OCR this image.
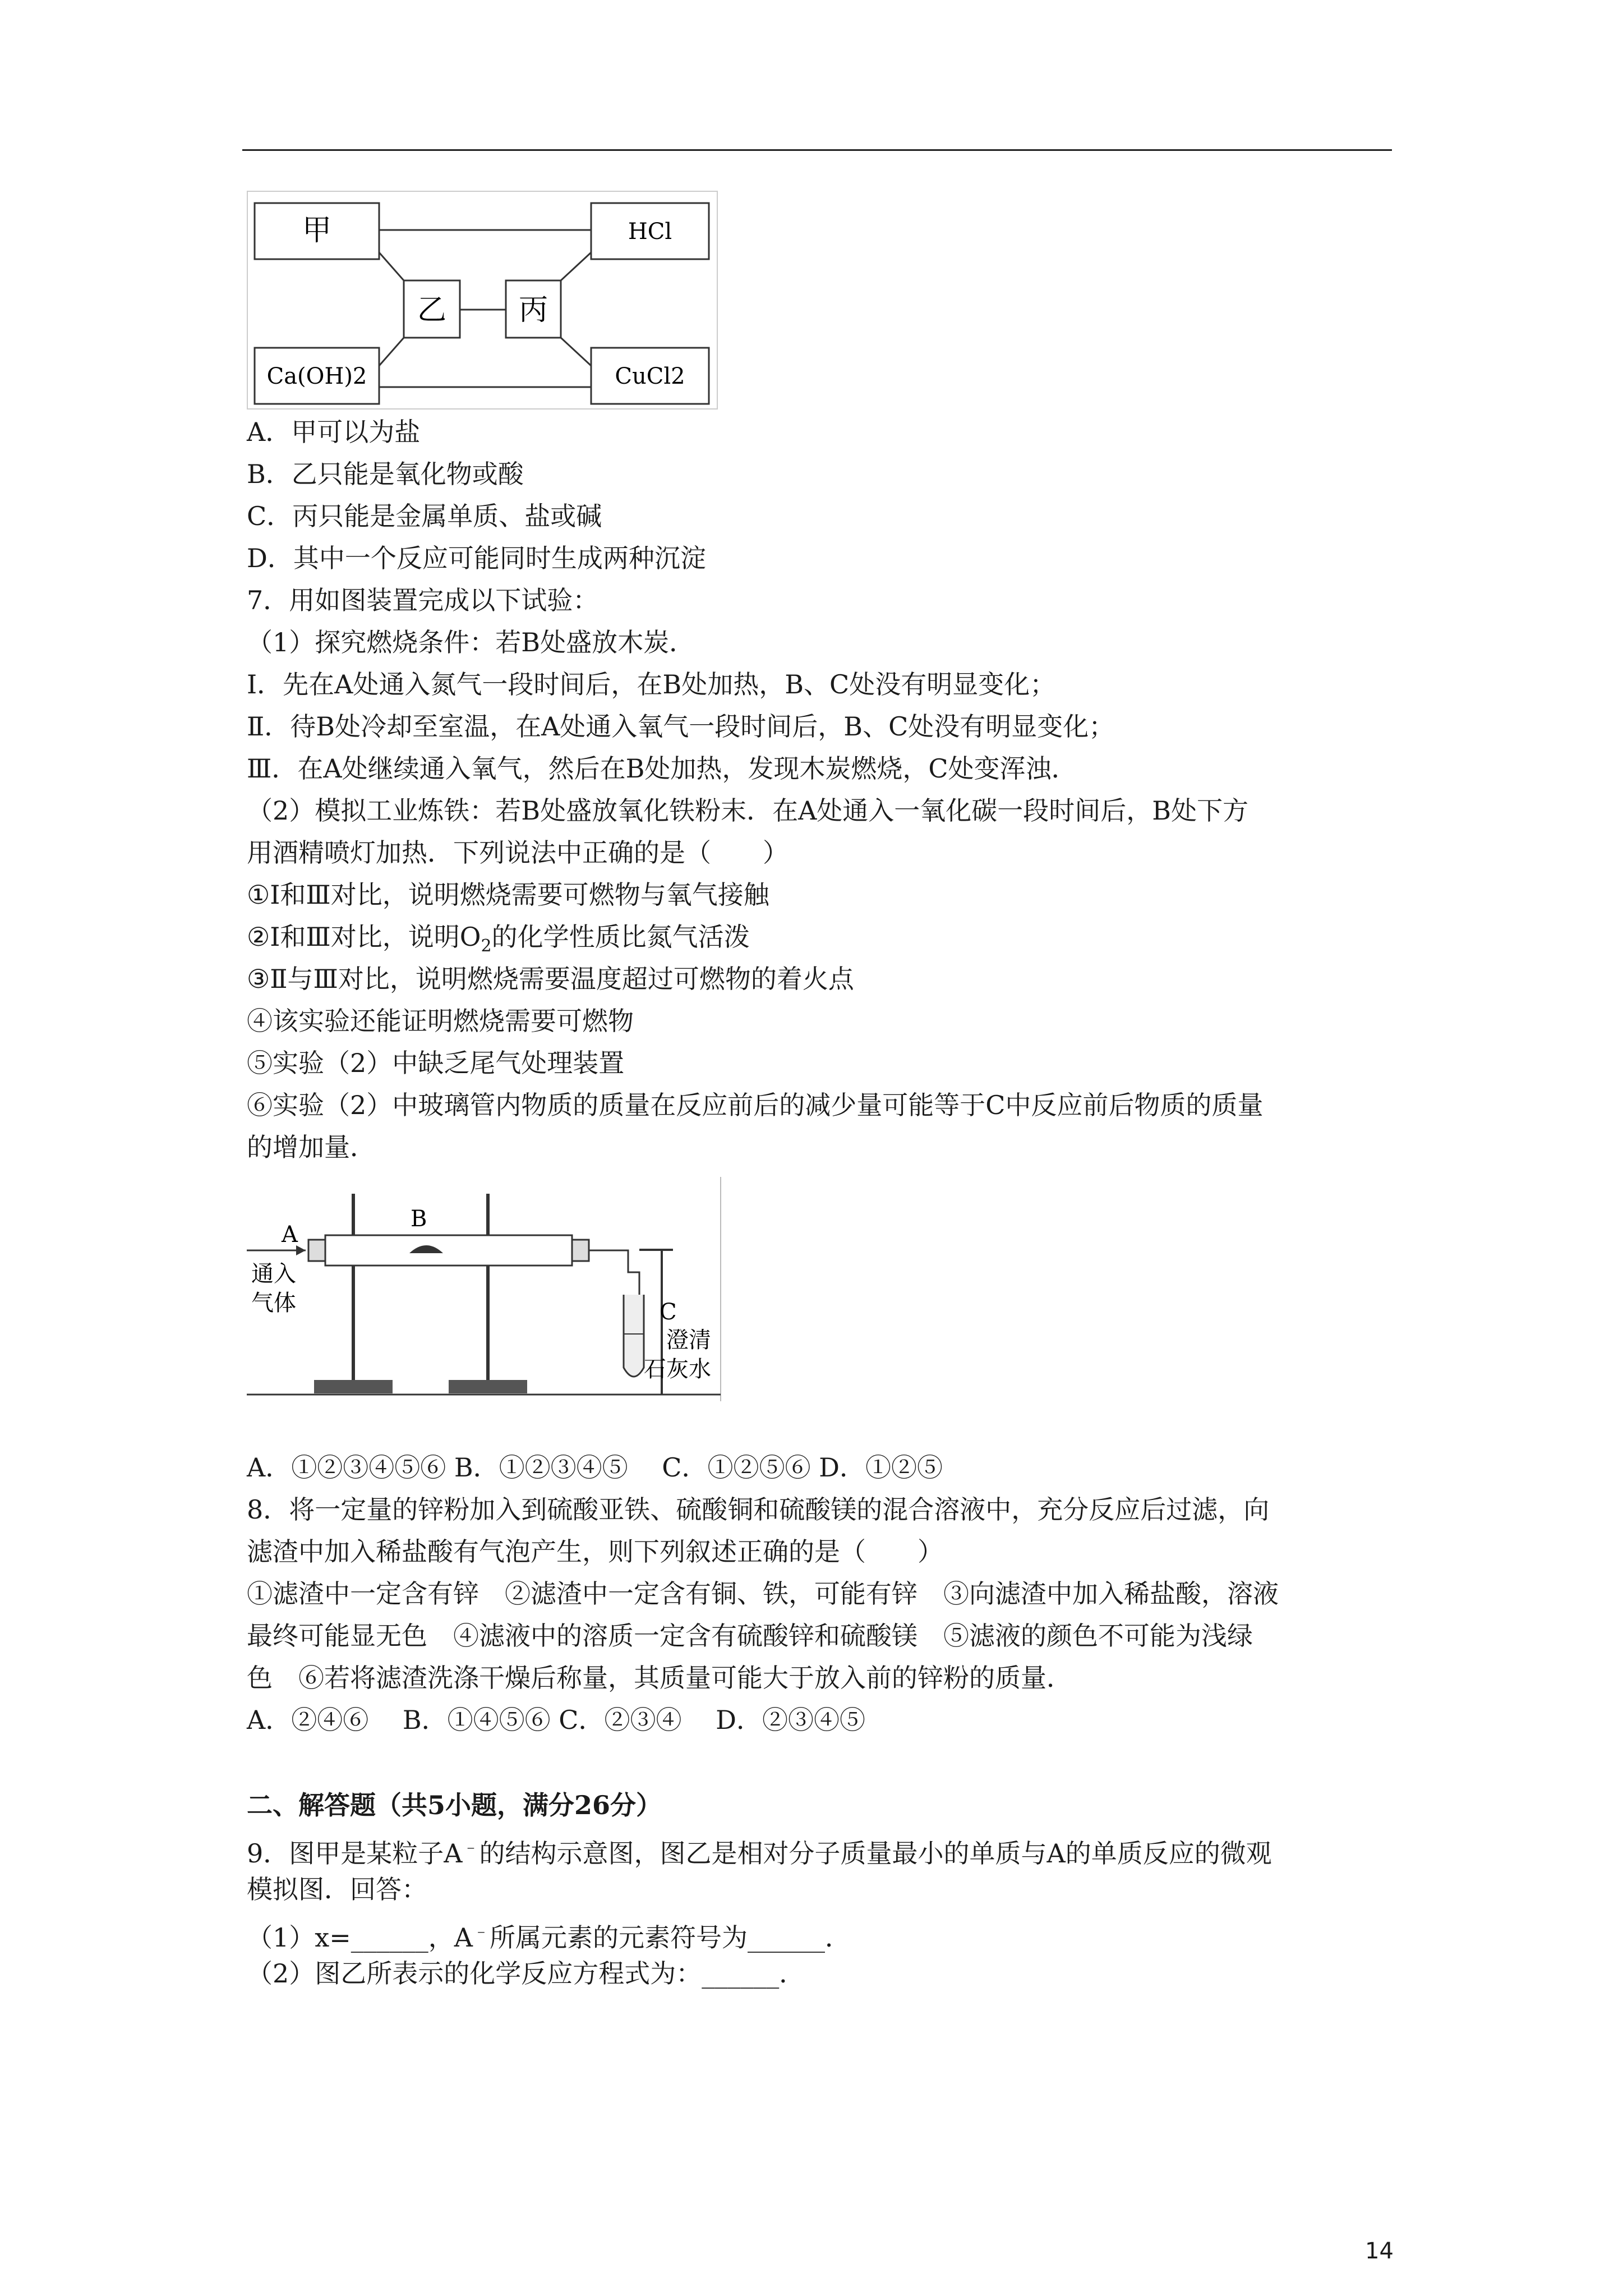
甲	HCl
乙 丙
Ca(OH)2	CuCl2
A．甲可以为盐
B．乙只能是氧化物或酸
C．丙只能是金属单质、盐或碱
D．其中一个反应可能同时生成两种沉淀
7．用如图装置完成以下试验：
（1）探究燃烧条件：若B处盛放木炭．
Ⅰ．先在A处通入氮气一段时间后，在B处加热，B、C处没有明显变化；
Ⅱ．待B处冷却至室温，在A处通入氧气一段时间后，B、C处没有明显变化；
Ⅲ．在A处继续通入氧气，然后在B处加热，发现木炭燃烧，C处变浑浊．
（2）模拟工业炼铁：若B处盛放氧化铁粉末．在A处通入一氧化碳一段时间后，B处下方
用酒精喷灯加热．下列说法中正确的是（　　）
①Ⅰ和Ⅲ对比，说明燃烧需要可燃物与氧气接触
②Ⅰ和Ⅲ对比，说明$O_2$的化学性质比氮气活泼
③Ⅱ与Ⅲ对比，说明燃烧需要温度超过可燃物的着火点
④该实验还能证明燃烧需要可燃物
⑤实验（2）中缺乏尾气处理装置
⑥实验（2）中玻璃管内物质的质量在反应前后的减少量可能等于C中反应前后物质的质量
的增加量．
A
B
C
通入
气体
澄清
石灰水
A．①②③④⑤⑥ B．①②③④⑤　 C．①②⑤⑥ D．①②⑤
8．将一定量的锌粉加入到硫酸亚铁、硫酸铜和硫酸镁的混合溶液中，充分反应后过滤，向
滤渣中加入稀盐酸有气泡产生，则下列叙述正确的是（　　）
①滤渣中一定含有锌　②滤渣中一定含有铜、铁，可能有锌　③向滤渣中加入稀盐酸，溶液
最终可能显无色　④滤液中的溶质一定含有硫酸锌和硫酸镁　⑤滤液的颜色不可能为浅绿
色　⑥若将滤渣洗涤干燥后称量，其质量可能大于放入前的锌粉的质量．
A．②④⑥　 B．①④⑤⑥ C．②③④　 D．②③④⑤
二、解答题（共5小题，满分26分）
9．图甲是某粒子A﹣的结构示意图，图乙是相对分子质量最小的单质与A的单质反应的微观
模拟图．回答：
（1）x=______，A﹣所属元素的元素符号为______．
（2）图乙所表示的化学反应方程式为：______．
14
